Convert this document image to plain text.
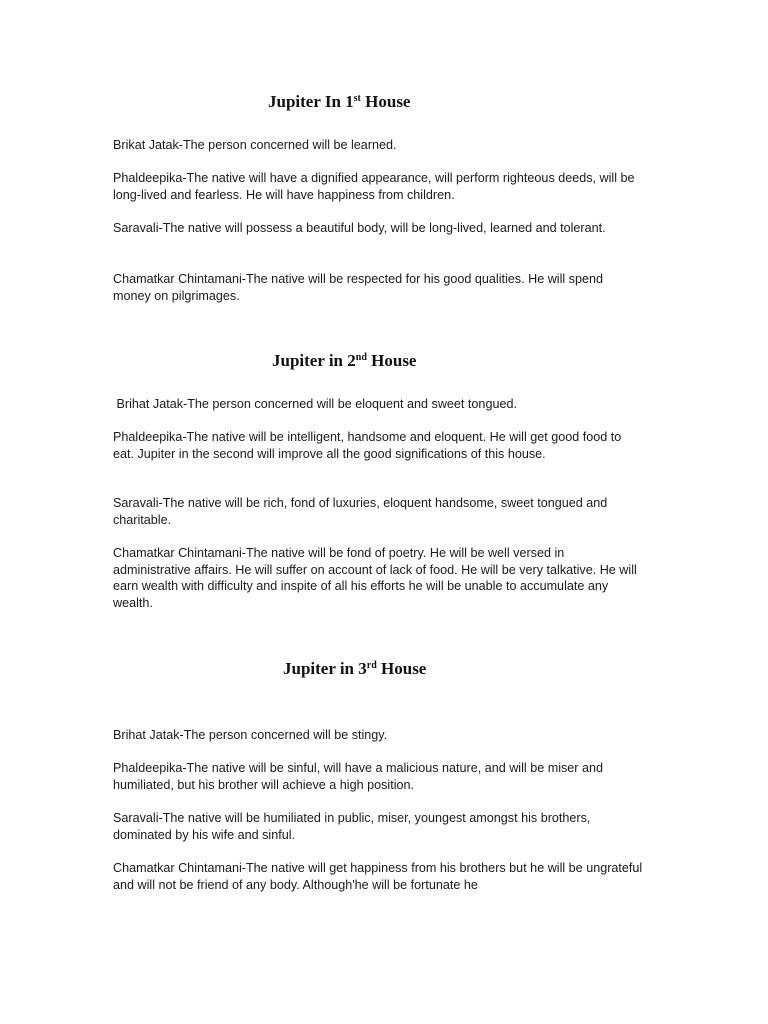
Jupiter In 1st House

Brikat Jatak-The person concerned will be learned.

Phaldeepika-The native will have a dignified appearance, will perform righteous deeds, will be long-lived and fearless. He will have happiness from children.

Saravali-The native will possess a beautiful body, will be long-lived, learned and tolerant.

Chamatkar Chintamani-The native will be respected for his good qualities. He will spend money on pilgrimages.

Jupiter in 2nd House

Brihat Jatak-The person concerned will be eloquent and sweet tongued.

Phaldeepika-The native will be intelligent, handsome and eloquent. He will get good food to eat. Jupiter in the second will improve all the good significations of this house.

Saravali-The native will be rich, fond of luxuries, eloquent handsome, sweet tongued and charitable.

Chamatkar Chintamani-The native will be fond of poetry. He will be well versed in administrative affairs. He will suffer on account of lack of food. He will be very talkative. He will earn wealth with difficulty and inspite of all his efforts he will be unable to accumulate any wealth.

Jupiter in 3rd House

Brihat Jatak-The person concerned will be stingy.

Phaldeepika-The native will be sinful, will have a malicious nature, and will be miser and humiliated, but his brother will achieve a high position.

Saravali-The native will be humiliated in public, miser, youngest amongst his brothers, dominated by his wife and sinful.

Chamatkar Chintamani-The native will get happiness from his brothers but he will be ungrateful and will not be friend of any body. Although'he will be fortunate he
